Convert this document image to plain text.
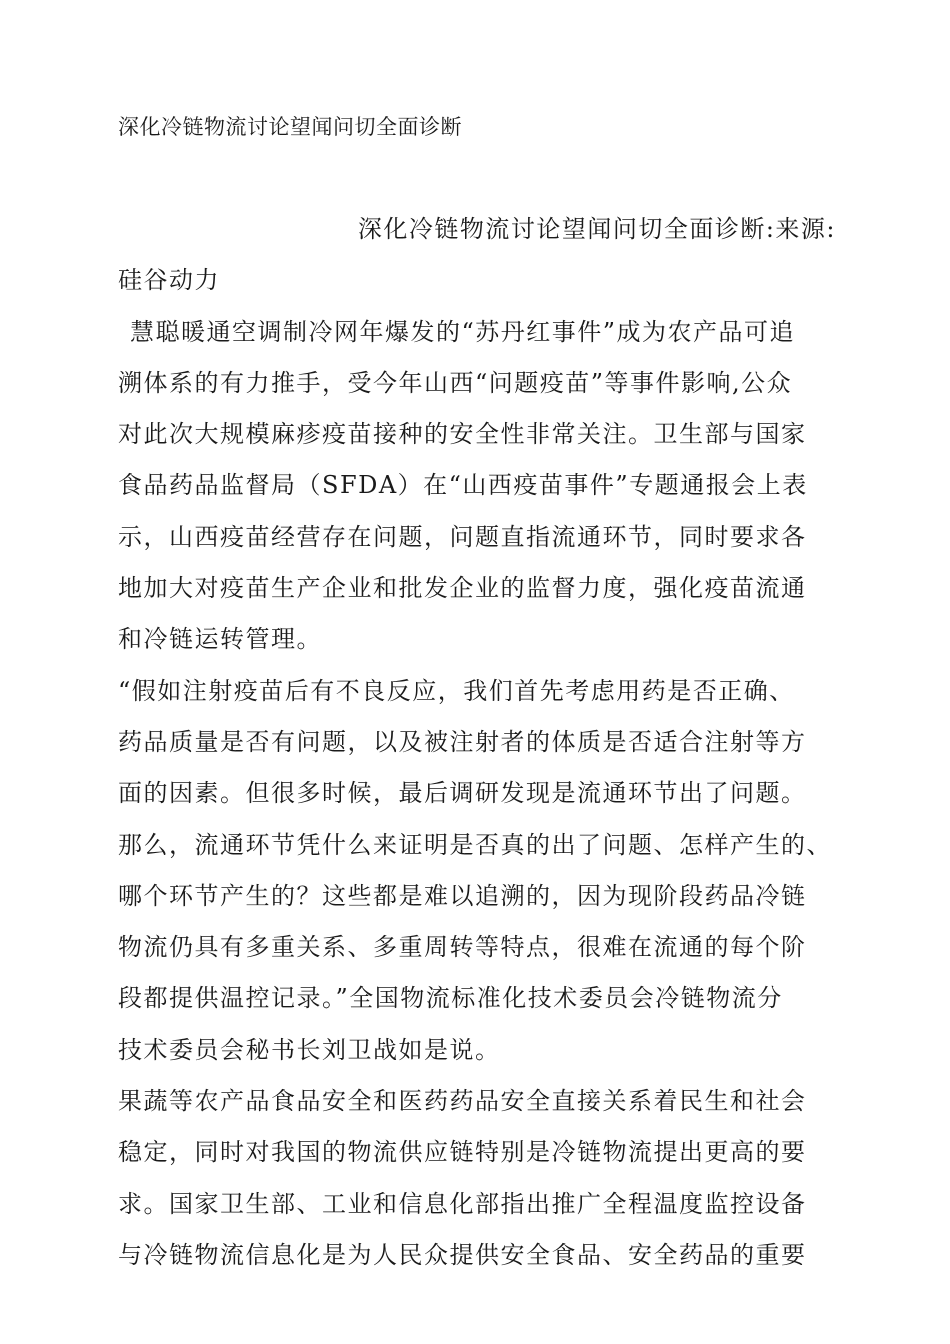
深化冷链物流讨论望闻问切全面诊断
深化冷链物流讨论望闻问切全面诊断:来源:
硅谷动力
慧聪暖通空调制冷网年爆发的“苏丹红事件”成为农产品可追
溯体系的有力推手，受今年山西“问题疫苗”等事件影响,公众
对此次大规模麻疹疫苗接种的安全性非常关注。卫生部与国家
食品药品监督局（SFDA）在“山西疫苗事件”专题通报会上表
示，山西疫苗经营存在问题，问题直指流通环节，同时要求各
地加大对疫苗生产企业和批发企业的监督力度，强化疫苗流通
和冷链运转管理。
“假如注射疫苗后有不良反应，我们首先考虑用药是否正确、
药品质量是否有问题，以及被注射者的体质是否适合注射等方
面的因素。但很多时候，最后调研发现是流通环节出了问题。
那么，流通环节凭什么来证明是否真的出了问题、怎样产生的、
哪个环节产生的？这些都是难以追溯的，因为现阶段药品冷链
物流仍具有多重关系、多重周转等特点，很难在流通的每个阶
段都提供温控记录。”全国物流标准化技术委员会冷链物流分
技术委员会秘书长刘卫战如是说。
果蔬等农产品食品安全和医药药品安全直接关系着民生和社会
稳定，同时对我国的物流供应链特别是冷链物流提出更高的要
求。国家卫生部、工业和信息化部指出推广全程温度监控设备
与冷链物流信息化是为人民众提供安全食品、安全药品的重要
